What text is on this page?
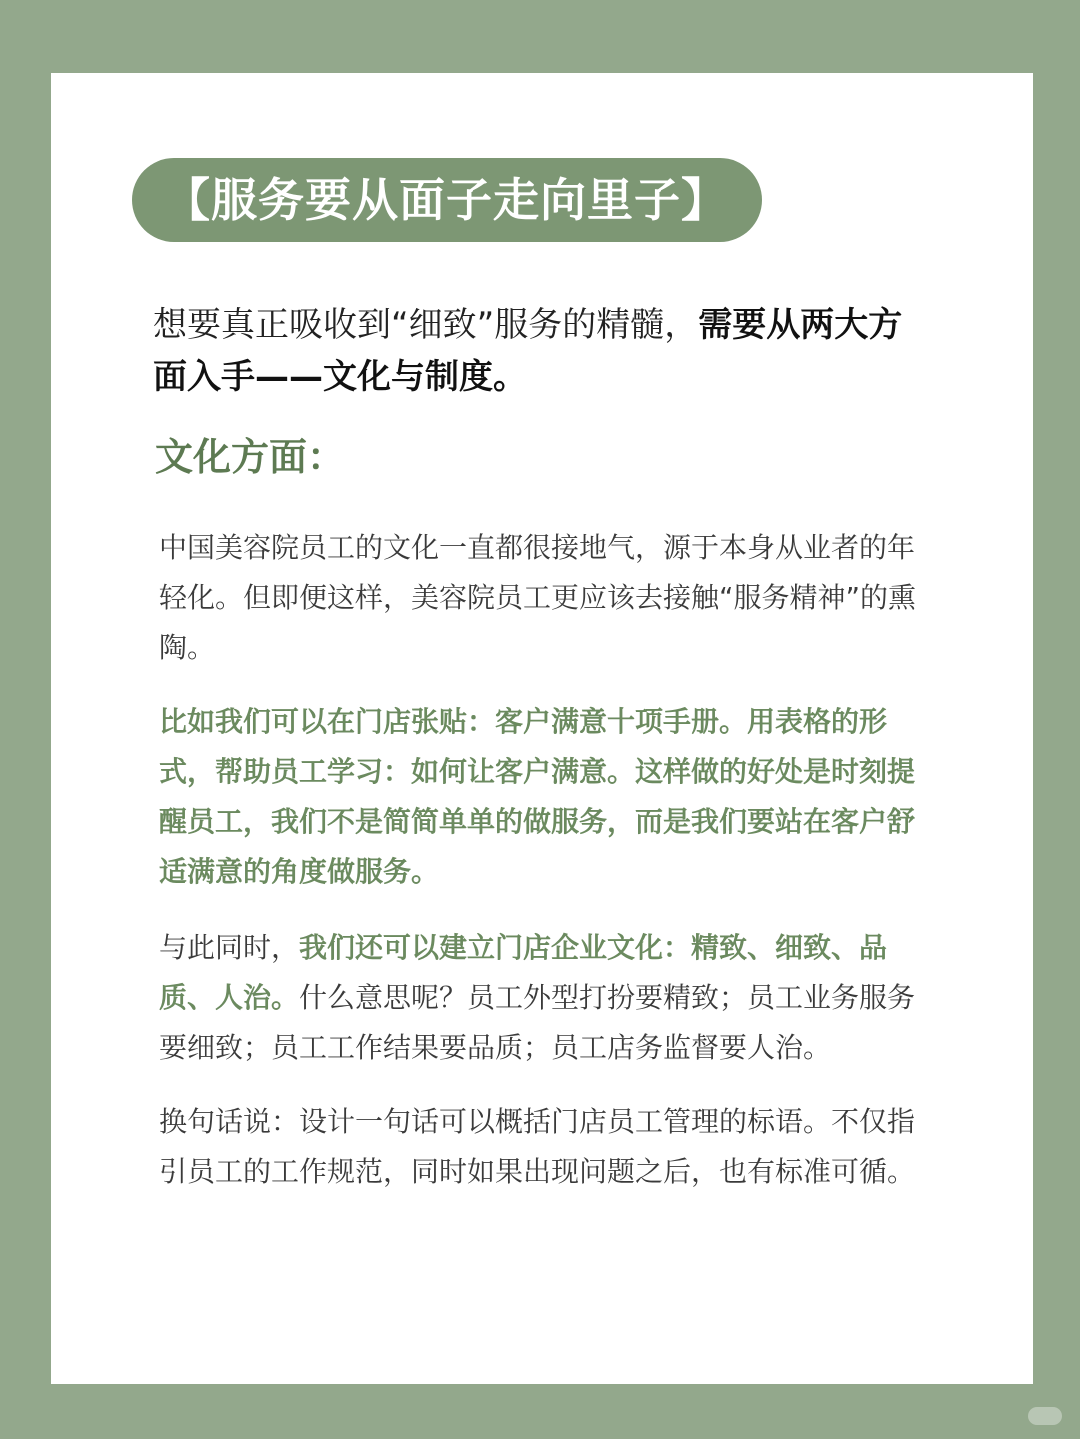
【服务要从面子走向里子】

想要真正吸收到“细致”服务的精髓，需要从两大方面入手——文化与制度。

文化方面：

中国美容院员工的文化一直都很接地气，源于本身从业者的年轻化。但即便这样，美容院员工更应该去接触“服务精神”的熏陶。

比如我们可以在门店张贴：客户满意十项手册。用表格的形式，帮助员工学习：如何让客户满意。这样做的好处是时刻提醒员工，我们不是简简单单的做服务，而是我们要站在客户舒适满意的角度做服务。

与此同时，我们还可以建立门店企业文化：精致、细致、品质、人治。什么意思呢？员工外型打扮要精致；员工业务服务要细致；员工工作结果要品质；员工店务监督要人治。

换句话说：设计一句话可以概括门店员工管理的标语。不仅指引员工的工作规范，同时如果出现问题之后，也有标准可循。
